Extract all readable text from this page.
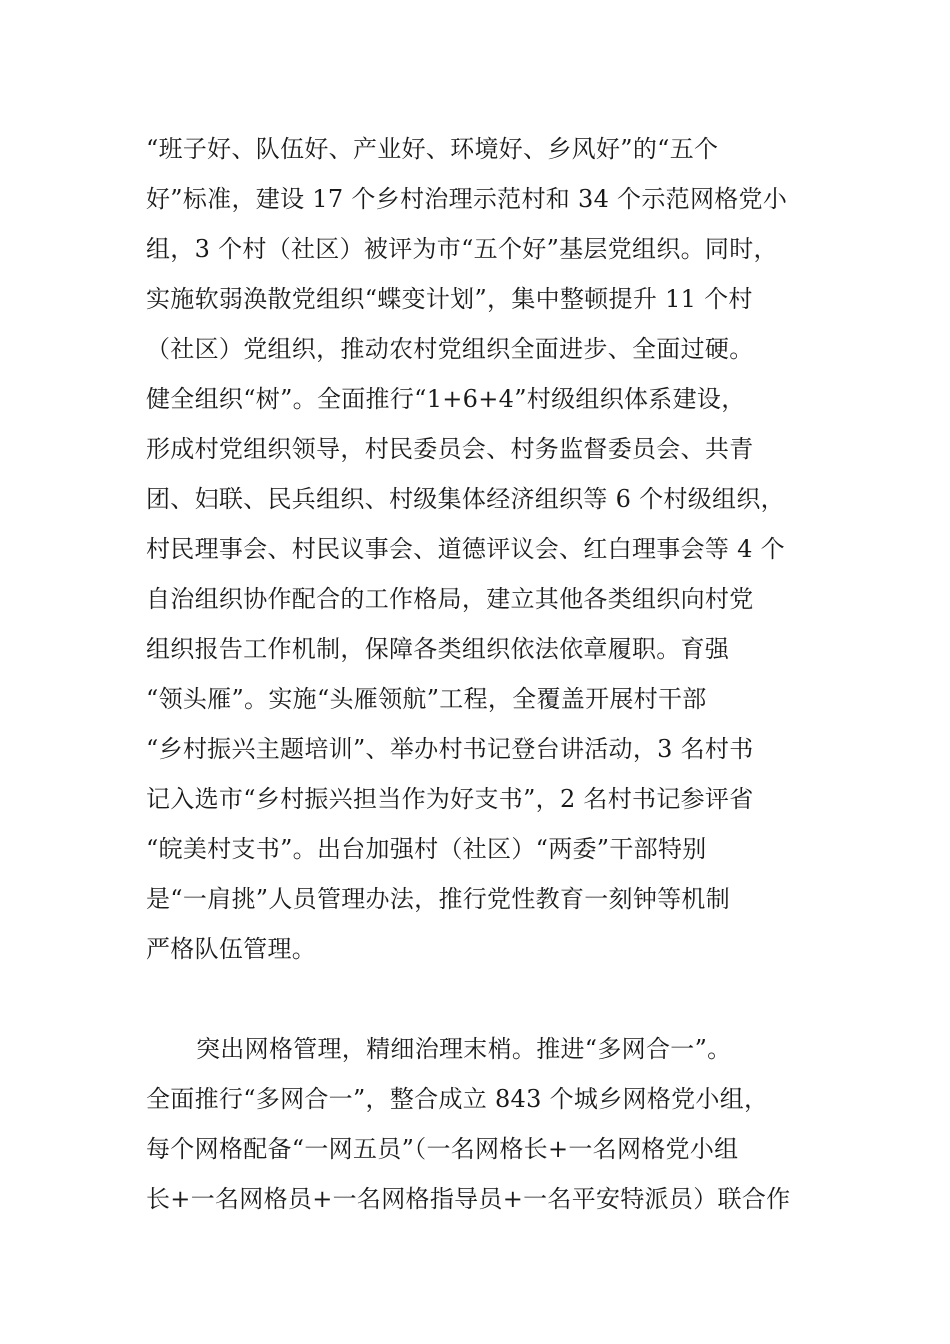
“班子好、队伍好、产业好、环境好、乡风好”的“五个
好”标准，建设 17 个乡村治理示范村和 34 个示范网格党小
组，3 个村（社区）被评为市“五个好”基层党组织。同时，
实施软弱涣散党组织“蝶变计划”，集中整顿提升 11 个村
（社区）党组织，推动农村党组织全面进步、全面过硬。
健全组织“树”。全面推行“1+6+4”村级组织体系建设，
形成村党组织领导，村民委员会、村务监督委员会、共青
团、妇联、民兵组织、村级集体经济组织等 6 个村级组织，
村民理事会、村民议事会、道德评议会、红白理事会等 4 个
自治组织协作配合的工作格局，建立其他各类组织向村党
组织报告工作机制，保障各类组织依法依章履职。育强
“领头雁”。实施“头雁领航”工程，全覆盖开展村干部
“乡村振兴主题培训”、举办村书记登台讲活动，3 名村书
记入选市“乡村振兴担当作为好支书”，2 名村书记参评省
“皖美村支书”。出台加强村（社区）“两委”干部特别
是“一肩挑”人员管理办法，推行党性教育一刻钟等机制
严格队伍管理。
突出网格管理，精细治理末梢。推进“多网合一”。
全面推行“多网合一”，整合成立 843 个城乡网格党小组，
每个网格配备“一网五员”（一名网格长+一名网格党小组
长+一名网格员+一名网格指导员+一名平安特派员）联合作
